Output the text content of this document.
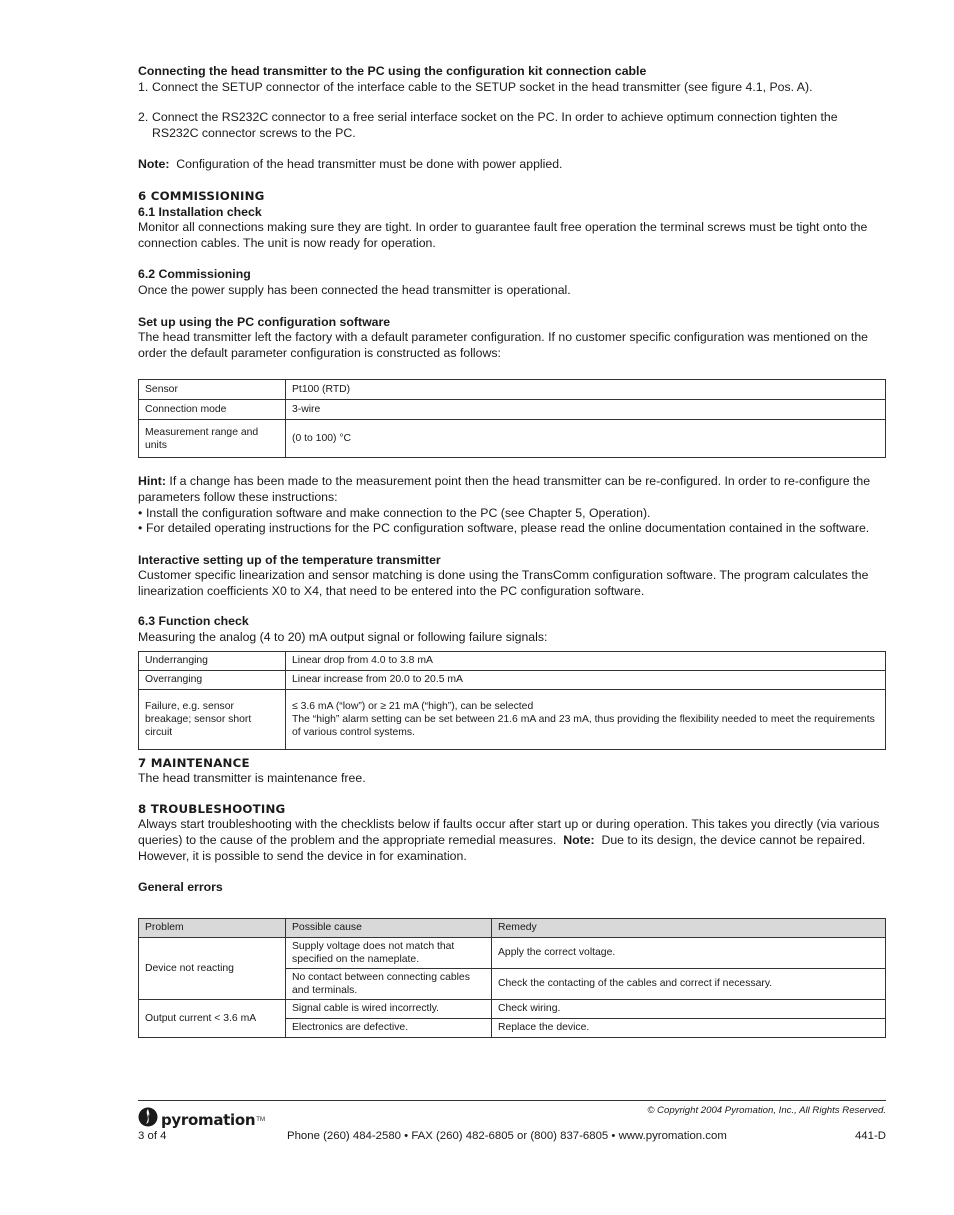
Connecting the head transmitter to the PC using the configuration kit connection cable

1. Connect the SETUP connector of the interface cable to the SETUP socket in the head transmitter (see figure 4.1, Pos. A).
2. Connect the RS232C connector to a free serial interface socket on the PC. In order to achieve optimum connection tighten the RS232C connector screws to the PC.

Note: Configuration of the head transmitter must be done with power applied.

6 COMMISSIONING

6.1 Installation check

Monitor all connections making sure they are tight. In order to guarantee fault free operation the terminal screws must be tight onto the connection cables. The unit is now ready for operation.

6.2 Commissioning

Once the power supply has been connected the head transmitter is operational.

Set up using the PC configuration software

The head transmitter left the factory with a default parameter configuration. If no customer specific configuration was mentioned on the order the default parameter configuration is constructed as follows:

Sensor	Pt100 (RTD)
Connection mode	3-wire
Measurement range and units	(0 to 100) °C

Hint: If a change has been made to the measurement point then the head transmitter can be re-configured. In order to re-configure the parameters follow these instructions:

• Install the configuration software and make connection to the PC (see Chapter 5, Operation).
• For detailed operating instructions for the PC configuration software, please read the online documentation contained in the software.

Interactive setting up of the temperature transmitter

Customer specific linearization and sensor matching is done using the TransComm configuration software. The program calculates the linearization coefficients X0 to X4, that need to be entered into the PC configuration software.

6.3 Function check

Measuring the analog (4 to 20) mA output signal or following failure signals:

Underranging	Linear drop from 4.0 to 3.8 mA
Overranging	Linear increase from 20.0 to 20.5 mA
Failure, e.g. sensor breakage; sensor short circuit	≤ 3.6 mA (“low”) or ≥ 21 mA (“high”), can be selected
The “high” alarm setting can be set between 21.6 mA and 23 mA, thus providing the flexibility needed to meet the requirements of various control systems.

7 MAINTENANCE

The head transmitter is maintenance free.

8 TROUBLESHOOTING

Always start troubleshooting with the checklists below if faults occur after start up or during operation. This takes you directly (via various queries) to the cause of the problem and the appropriate remedial measures. Note: Due to its design, the device cannot be repaired. However, it is possible to send the device in for examination.

General errors

Problem	Possible cause	Remedy
Device not reacting	Supply voltage does not match that specified on the nameplate.	Apply the correct voltage.
	No contact between connecting cables and terminals.	Check the contacting of the cables and correct if necessary.
Output current < 3.6 mA	Signal cable is wired incorrectly.	Check wiring.
	Electronics are defective.	Replace the device.
pyromation TM
© Copyright 2004 Pyromation, Inc., All Rights Reserved.
3 of 4	Phone (260) 484-2580 • FAX (260) 482-6805 or (800) 837-6805 • www.pyromation.com	441-D
